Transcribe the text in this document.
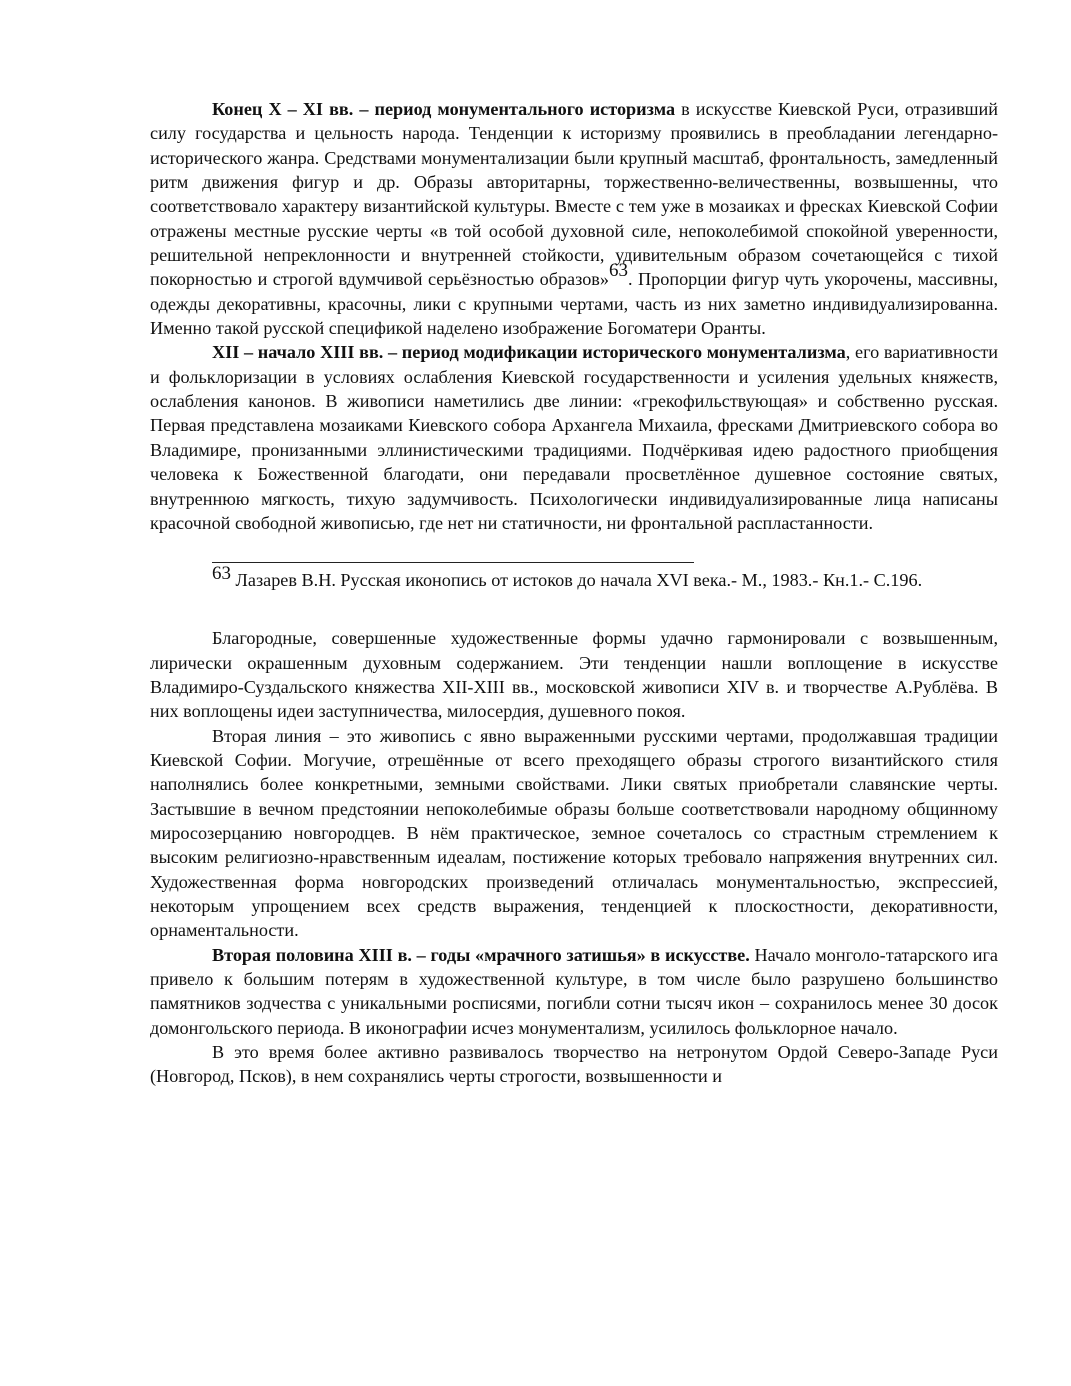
Конец X – XI вв. – период монументального историзма в искусстве Киевской Руси, отразивший силу государства и цельность народа. Тенденции к историзму проявились в преобладании легендарно-исторического жанра. Средствами монументализации были крупный масштаб, фронтальность, замедленный ритм движения фигур и др. Образы авторитарны, торжественно-величественны, возвышенны, что соответствовало характеру византийской культуры. Вместе с тем уже в мозаиках и фресках Киевской Софии отражены местные русские черты «в той особой духовной силе, непоколебимой спокойной уверенности, решительной непреклонности и внутренней стойкости, удивительным образом сочетающейся с тихой покорностью и строгой вдумчивой серьёзностью образов»$^{63}$. Пропорции фигур чуть укорочены, массивны, одежды декоративны, красочны, лики с крупными чертами, часть из них заметно индивидуализированна. Именно такой русской спецификой наделено изображение Богоматери Оранты.

XII – начало XIII вв. – период модификации исторического монументализма, его вариативности и фольклоризации в условиях ослабления Киевской государственности и усиления удельных княжеств, ослабления канонов. В живописи наметились две линии: «грекофильствующая» и собственно русская. Первая представлена мозаиками Киевского собора Архангела Михаила, фресками Дмитриевского собора во Владимире, пронизанными эллинистическими традициями. Подчёркивая идею радостного приобщения человека к Божественной благодати, они передавали просветлённое душевное состояние святых, внутреннюю мягкость, тихую задумчивость. Психологически индивидуализированные лица написаны красочной свободной живописью, где нет ни статичности, ни фронтальной распластанности.

63 Лазарев В.Н. Русская иконопись от истоков до начала XVI века.- М., 1983.- Кн.1.- С.196.

Благородные, совершенные художественные формы удачно гармонировали с возвышенным, лирически окрашенным духовным содержанием. Эти тенденции нашли воплощение в искусстве Владимиро-Суздальского княжества XII-XIII вв., московской живописи XIV в. и творчестве А.Рублёва. В них воплощены идеи заступничества, милосердия, душевного покоя.

Вторая линия – это живопись с явно выраженными русскими чертами, продолжавшая традиции Киевской Софии. Могучие, отрешённые от всего преходящего образы строгого византийского стиля наполнялись более конкретными, земными свойствами. Лики святых приобретали славянские черты. Застывшие в вечном предстоянии непоколебимые образы больше соответствовали народному общинному миросозерцанию новгородцев. В нём практическое, земное сочеталось со страстным стремлением к высоким религиозно-нравственным идеалам, постижение которых требовало напряжения внутренних сил. Художественная форма новгородских произведений отличалась монументальностью, экспрессией, некоторым упрощением всех средств выражения, тенденцией к плоскостности, декоративности, орнаментальности.

Вторая половина XIII в. – годы «мрачного затишья» в искусстве. Начало монголо-татарского ига привело к большим потерям в художественной культуре, в том числе было разрушено большинство памятников зодчества с уникальными росписями, погибли сотни тысяч икон – сохранилось менее 30 досок домонгольского периода. В иконографии исчез монументализм, усилилось фольклорное начало.

В это время более активно развивалось творчество на нетронутом Ордой Северо-Западе Руси (Новгород, Псков), в нем сохранялись черты строгости, возвышенности и
